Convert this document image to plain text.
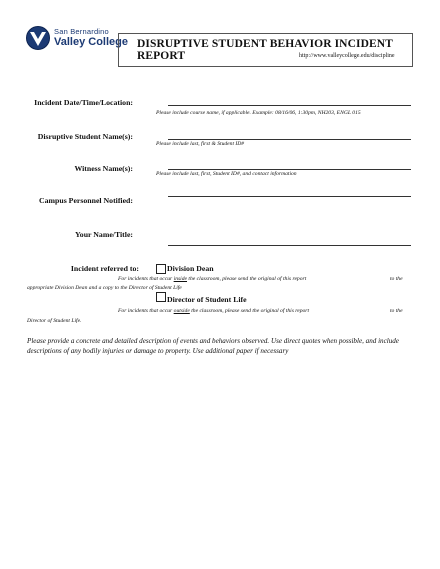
San Bernardino
Valley College DISRUPTIVE STUDENT BEHAVIOR INCIDENT REPORT	http://www.valleycollege.edu/discipline
Incident Date/Time/Location:
Please include course name, if applicable. Example: 08/16/06, 1:30pm, NH203, ENGL 015
Disruptive Student Name(s):
Please include last, first & Student ID#
Witness Name(s):
Please include last, first, Student ID#, and contact information
Campus Personnel Notified:
Your Name/Title:
Incident referred to:	Division Dean
For incidents that occur inside the classroom, please send the original of this report	to the
appropriate Division Dean and a copy to the Director of Student Life
Director of Student Life
For incidents that occur outside the classroom, please send the original of this report	to the
Director of Student Life.
Please provide a concrete and detailed description of events and behaviors observed. Use direct quotes when possible, and include descriptions of any bodily injuries or damage to property. Use additional paper if necessary
